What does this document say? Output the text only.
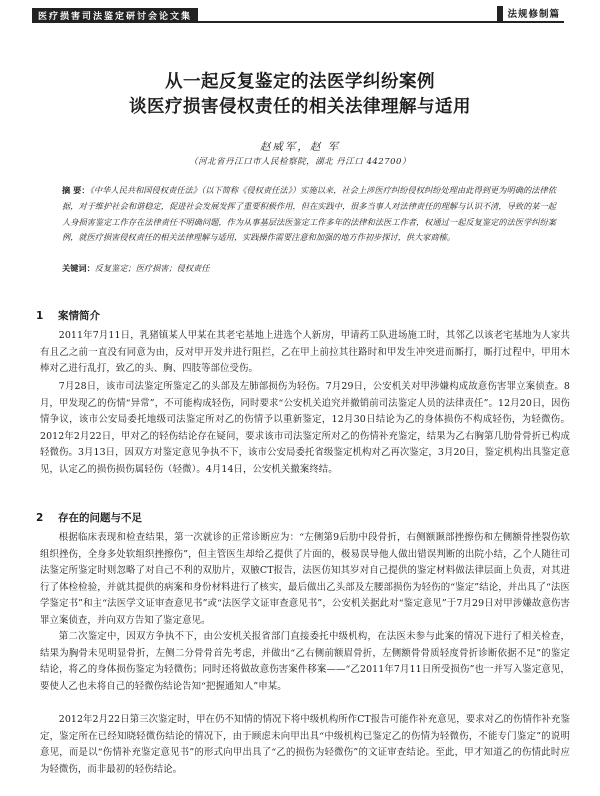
医疗损害司法鉴定研讨会论文集	法规修制篇
从一起反复鉴定的法医学纠纷案例
谈医疗损害侵权责任的相关法律理解与适用
赵威军，赵 军
（河北省丹江口市人民检察院，湖北 丹江口 442700）
摘 要：《中华人民共和国侵权责任法》（以下简称《侵权责任法》）实施以来，社会上涉医疗纠纷侵权纠纷处理由此得到更为明确的法律依据，对于维护社会和谐稳定，促进社会发展发挥了重要积极作用，但在实践中，很多当事人对法律责任的理解与认识不清，导致的某一起人身损害鉴定工作存在法律责任不明确问题，作为从事基层法医鉴定工作多年的法律和法医工作者，权通过一起反复鉴定的法医学纠纷案例，就医疗损害侵权责任的相关法律理解与适用，实践操作需要注意和加强的地方作初步探讨，供大家商榷。
关键词：反复鉴定；医疗损害；侵权责任
1 案情简介

2011年7月11日，乳猪镇某人甲某在其老宅基地上进选个人新房，甲请药工队进场施工时，其邻乙以该老宅基地为人家共有且乙之前一直没有同意为由，反对甲开发并进行阻拦，乙在甲上前拉其往路时和甲发生冲突进而厮打，厮打过程中，甲用木棒对乙进行乱打，致乙的头、胸、四肢等部位受伤。

7月28日，该市司法鉴定所鉴定乙的头部及左肺部损伤为轻伤。7月29日，公安机关对甲涉嫌构成故意伤害罪立案侦查。8月，甲发现乙的伤情“异常”，不可能构成轻伤，同时要求“公安机关追究并撤销前司法鉴定人员的法律责任”。12月20日，因伤情争议，该市公安局委托地级司法鉴定所对乙的伤情予以重新鉴定，12月30日结论为乙的身体损伤不构成轻伤，为轻微伤。2012年2月22日，甲对乙的轻伤结论存在疑问，要求该市司法鉴定所对乙的伤情补充鉴定，结果为乙右胸第几肋骨骨折已构成轻微伤。3月13日，因双方对鉴定意见争执不下，该市公安局委托省级鉴定机构对乙再次鉴定，3月20日，鉴定机构出具鉴定意见，认定乙的损伤损伤属轻伤（轻微）。4月14日，公安机关撤案终结。

2 存在的问题与不足

根据临床表现和检查结果，第一次就诊的正常诊断应为：“左侧第9后肋中段骨折，右侧额颞部挫擦伤和左侧额骨挫裂伤软组织挫伤，全身多处软组织挫擦伤”，但主管医生却给乙提供了片面的，极易误导他人做出错误判断的出院小结，乙个人随往司法鉴定所鉴定时则忽略了对自己不利的双肋片，双腋CT报告，法医仿知其岁对自己提供的鉴定材料做法律层面上负责，对其进行了体检检验，并就其提供的病案和身份材料进行了核实，最后做出乙头部及左腰部损伤为轻伤的“鉴定”结论，并出具了“法医学鉴定书”和主“法医学文证审查意见书”或“法医学文证审查意见书”，公安机关据此对“鉴定意见”于7月29日对甲涉嫌故意伤害罪立案侦查，并向双方告知了鉴定意见。

第二次鉴定中，因双方争执不下，由公安机关报省部门直接委托中级机构，在法医未参与此案的情况下进行了相关检查，结果为胸骨未见明显骨折，左侧二分骨骨首先考虑，并做出“乙右侧前额眉骨折，左侧额骨骨质轻度骨折诊断依据不足”的鉴定结论，将乙的身体损伤鉴定为轻微伤；同时还将做故意伤害案件移案——“乙2011年7月11日所受损伤”也一并写入鉴定意见，要使人乙也未将自己的轻微伤结论告知“把握通知人”申某。

2012年2月22日第三次鉴定时，甲在仍不知情的情况下将中级机构所作CT报告可能作补充意见，要求对乙的伤情作补充鉴定，鉴定所在已经知晓轻微伤结论的情况下，由于顾虑未向甲出具“中级机构已鉴定乙的伤情为轻微伤，不能专门鉴定”的说明意见，而是以“伤情补充鉴定意见书”的形式向甲出具了“乙的损伤为轻微伤”的文证审查结论。至此，甲才知道乙的伤情此时应为轻微伤，而非最初的轻伤结论。
